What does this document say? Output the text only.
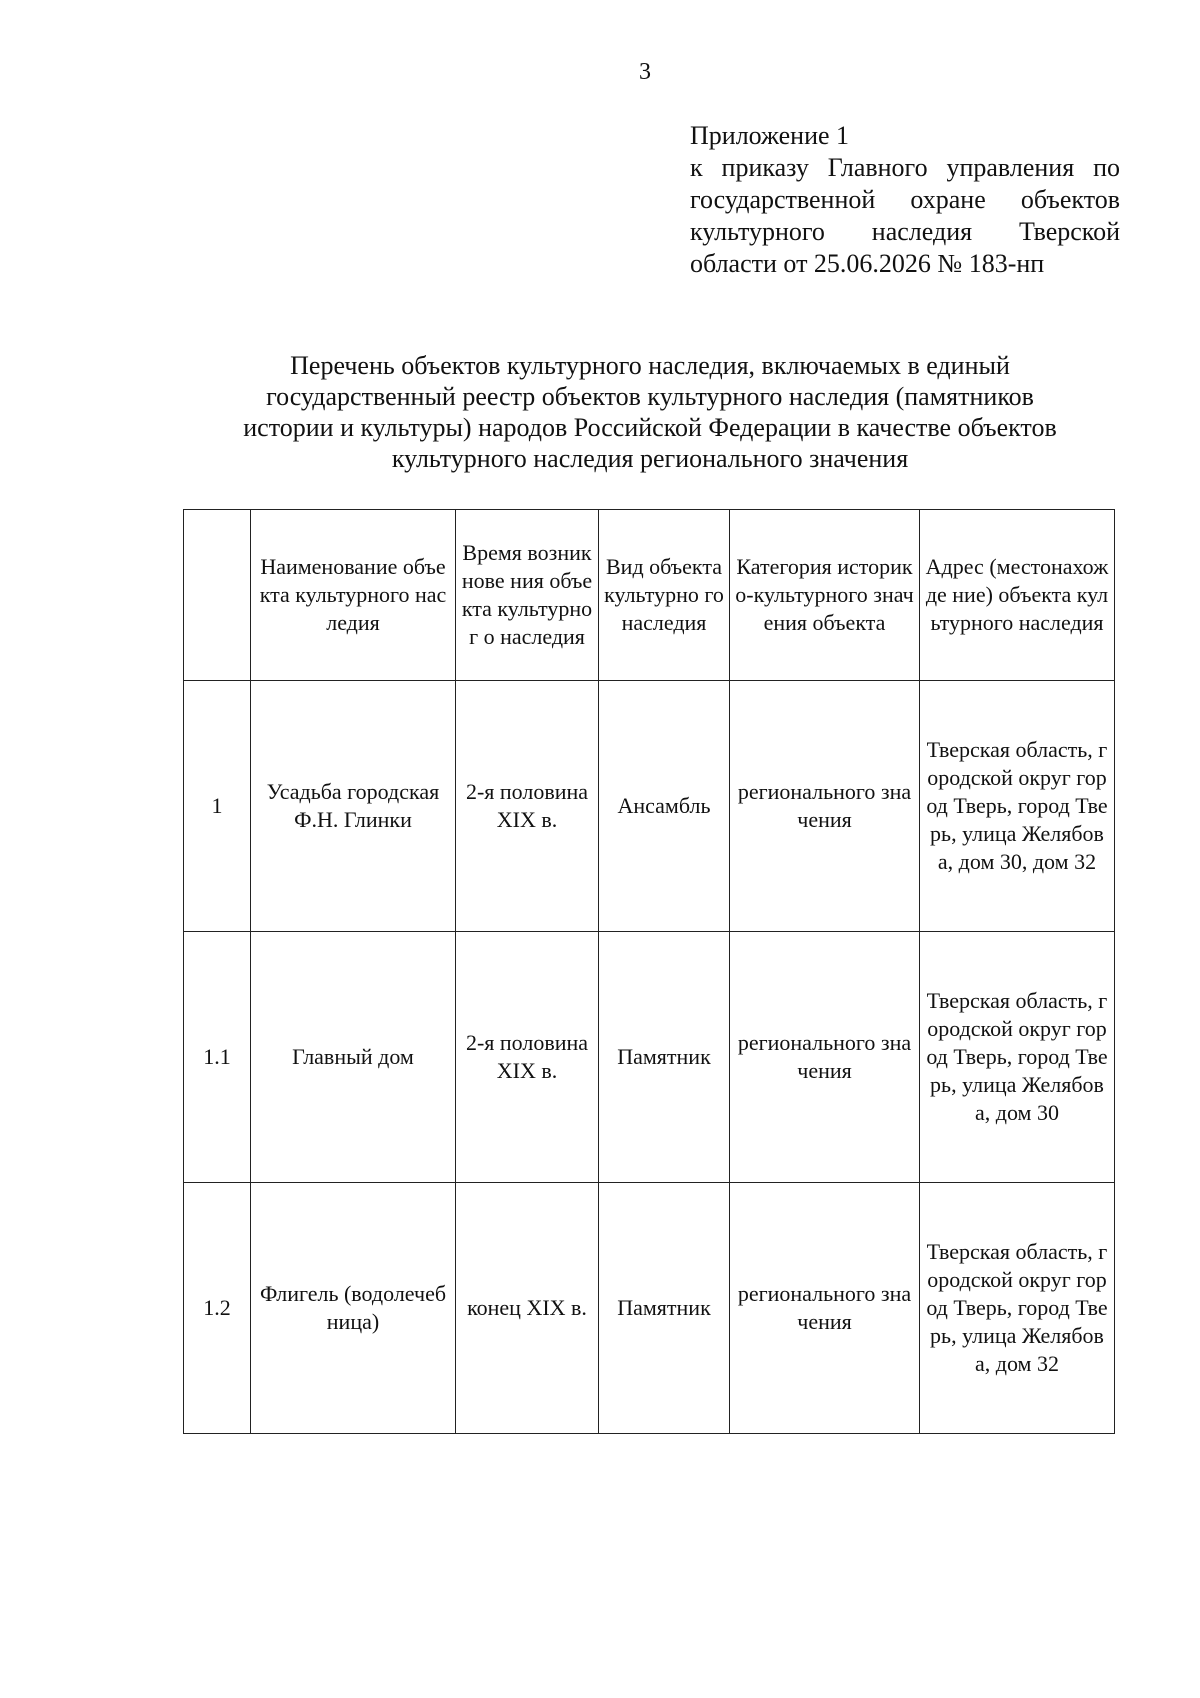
3
Приложение 1
к приказу Главного управления по
государственной охране объектов
культурного наследия Тверской
области от 25.06.2026 № 183-нп
Перечень объектов культурного наследия, включаемых в единый
государственный реестр объектов культурного наследия (памятников
истории и культуры) народов Российской Федерации в качестве объектов
культурного наследия регионального значения
	Наименование объекта культурного наследия	Время возникнове ния объекта культурног о наследия	Вид объекта культурно го наследия	Категория историко-культурного значения объекта	Адрес (местонахожде ние) объекта культурного наследия
1	Усадьба городская Ф.Н. Глинки	2-я половина XIX в.	Ансамбль	регионального значения	Тверская область, городской округ город Тверь, город Тверь, улица Желябова, дом 30, дом 32
1.1	Главный дом	2-я половина XIX в.	Памятник	регионального значения	Тверская область, городской округ город Тверь, город Тверь, улица Желябова, дом 30
1.2	Флигель (водолечебница)	конец XIX в.	Памятник	регионального значения	Тверская область, городской округ город Тверь, город Тверь, улица Желябова, дом 32
